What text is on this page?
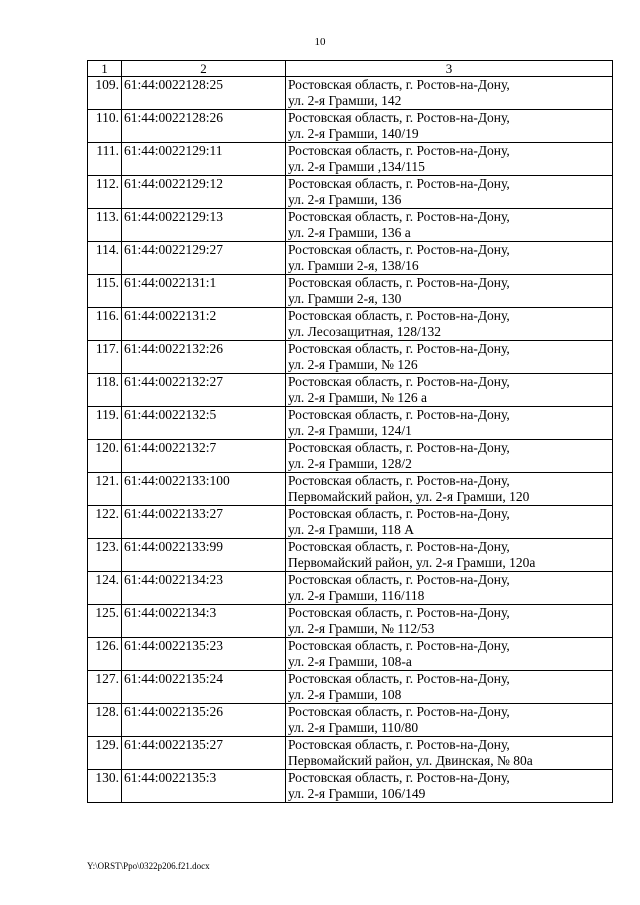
10
1	2	3
109.	61:44:0022128:25	Ростовская область, г. Ростов-на-Дону,
ул. 2-я Грамши, 142

110.	61:44:0022128:26	Ростовская область, г. Ростов-на-Дону,
ул. 2-я Грамши, 140/19

111.	61:44:0022129:11	Ростовская область, г. Ростов-на-Дону,
ул. 2-я Грамши ,134/115

112.	61:44:0022129:12	Ростовская область, г. Ростов-на-Дону,
ул. 2-я Грамши, 136

113.	61:44:0022129:13	Ростовская область, г. Ростов-на-Дону,
ул. 2-я Грамши, 136 а

114.	61:44:0022129:27	Ростовская область, г. Ростов-на-Дону,
ул. Грамши 2-я, 138/16

115.	61:44:0022131:1	Ростовская область, г. Ростов-на-Дону,
ул. Грамши 2-я, 130

116.	61:44:0022131:2	Ростовская область, г. Ростов-на-Дону,
ул. Лесозащитная, 128/132

117.	61:44:0022132:26	Ростовская область, г. Ростов-на-Дону,
ул. 2-я Грамши, № 126

118.	61:44:0022132:27	Ростовская область, г. Ростов-на-Дону,
ул. 2-я Грамши, № 126 а

119.	61:44:0022132:5	Ростовская область, г. Ростов-на-Дону,
ул. 2-я Грамши, 124/1

120.	61:44:0022132:7	Ростовская область, г. Ростов-на-Дону,
ул. 2-я Грамши, 128/2

121.	61:44:0022133:100	Ростовская область, г. Ростов-на-Дону,
Первомайский район, ул. 2-я Грамши, 120

122.	61:44:0022133:27	Ростовская область, г. Ростов-на-Дону,
ул. 2-я Грамши, 118 А

123.	61:44:0022133:99	Ростовская область, г. Ростов-на-Дону,
Первомайский район, ул. 2-я Грамши, 120а

124.	61:44:0022134:23	Ростовская область, г. Ростов-на-Дону,
ул. 2-я Грамши, 116/118

125.	61:44:0022134:3	Ростовская область, г. Ростов-на-Дону,
ул. 2-я Грамши, № 112/53

126.	61:44:0022135:23	Ростовская область, г. Ростов-на-Дону,
ул. 2-я Грамши, 108-а

127.	61:44:0022135:24	Ростовская область, г. Ростов-на-Дону,
ул. 2-я Грамши, 108

128.	61:44:0022135:26	Ростовская область, г. Ростов-на-Дону,
ул. 2-я Грамши, 110/80

129.	61:44:0022135:27	Ростовская область, г. Ростов-на-Дону,
Первомайский район, ул. Двинская, № 80а

130.	61:44:0022135:3	Ростовская область, г. Ростов-на-Дону,
ул. 2-я Грамши, 106/149
Y:\ORST\Ppo\0322p206.f21.docx
